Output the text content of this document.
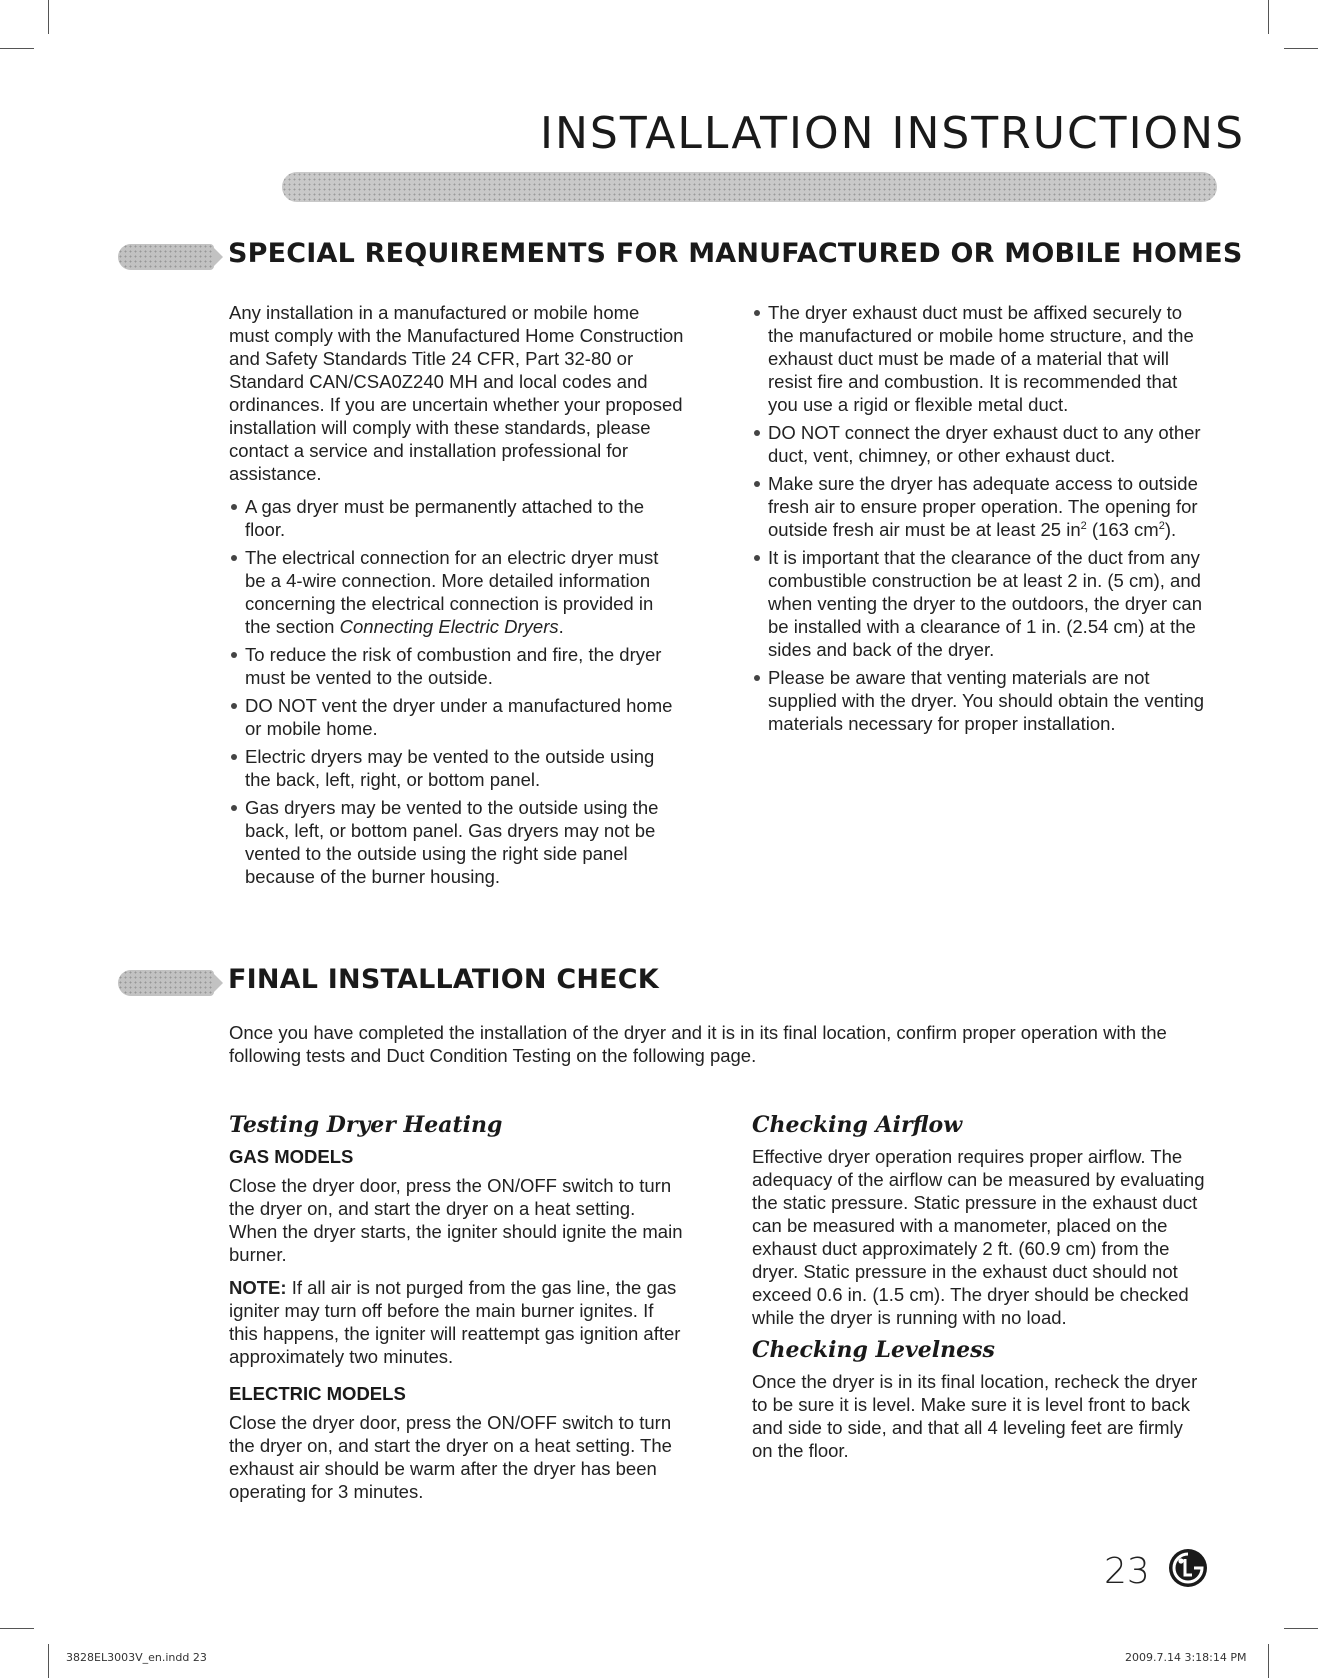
INSTALLATION INSTRUCTIONS
SPECIAL REQUIREMENTS FOR MANUFACTURED OR MOBILE HOMES

Any installation in a manufactured or mobile home must comply with the Manufactured Home Construction and Safety Standards Title 24 CFR, Part 32-80 or Standard CAN/CSA0Z240 MH and local codes and ordinances. If you are uncertain whether your proposed installation will comply with these standards, please contact a service and installation professional for assistance.

A gas dryer must be permanently attached to the floor.
The electrical connection for an electric dryer must be a 4-wire connection. More detailed information concerning the electrical connection is provided in the section Connecting Electric Dryers.
To reduce the risk of combustion and fire, the dryer must be vented to the outside.
DO NOT vent the dryer under a manufactured home or mobile home.
Electric dryers may be vented to the outside using the back, left, right, or bottom panel.
Gas dryers may be vented to the outside using the back, left, or bottom panel. Gas dryers may not be vented to the outside using the right side panel because of the burner housing.
The dryer exhaust duct must be affixed securely to the manufactured or mobile home structure, and the exhaust duct must be made of a material that will resist fire and combustion. It is recommended that you use a rigid or flexible metal duct.
DO NOT connect the dryer exhaust duct to any other duct, vent, chimney, or other exhaust duct.
Make sure the dryer has adequate access to outside fresh air to ensure proper operation. The opening for outside fresh air must be at least 25 $in^2$ (163 $cm^2$).
It is important that the clearance of the duct from any combustible construction be at least 2 in. (5 cm), and when venting the dryer to the outdoors, the dryer can be installed with a clearance of 1 in. (2.54 cm) at the sides and back of the dryer.
Please be aware that venting materials are not supplied with the dryer. You should obtain the venting materials necessary for proper installation.
FINAL INSTALLATION CHECK

Once you have completed the installation of the dryer and it is in its final location, confirm proper operation with the following tests and Duct Condition Testing on the following page.

Testing Dryer Heating
GAS MODELS

Close the dryer door, press the ON/OFF switch to turn the dryer on, and start the dryer on a heat setting. When the dryer starts, the igniter should ignite the main burner.

NOTE: If all air is not purged from the gas line, the gas igniter may turn off before the main burner ignites. If this happens, the igniter will reattempt gas ignition after approximately two minutes.

ELECTRIC MODELS

Close the dryer door, press the ON/OFF switch to turn the dryer on, and start the dryer on a heat setting. The exhaust air should be warm after the dryer has been operating for 3 minutes.

Checking Airflow

Effective dryer operation requires proper airflow. The adequacy of the airflow can be measured by evaluating the static pressure. Static pressure in the exhaust duct can be measured with a manometer, placed on the exhaust duct approximately 2 ft. (60.9 cm) from the dryer. Static pressure in the exhaust duct should not exceed 0.6 in. (1.5 cm). The dryer should be checked while the dryer is running with no load.

Checking Levelness

Once the dryer is in its final location, recheck the dryer to be sure it is level. Make sure it is level front to back and side to side, and that all 4 leveling feet are firmly on the floor.

23
3828EL3003V_en.indd 23	2009.7.14 3:18:14 PM
